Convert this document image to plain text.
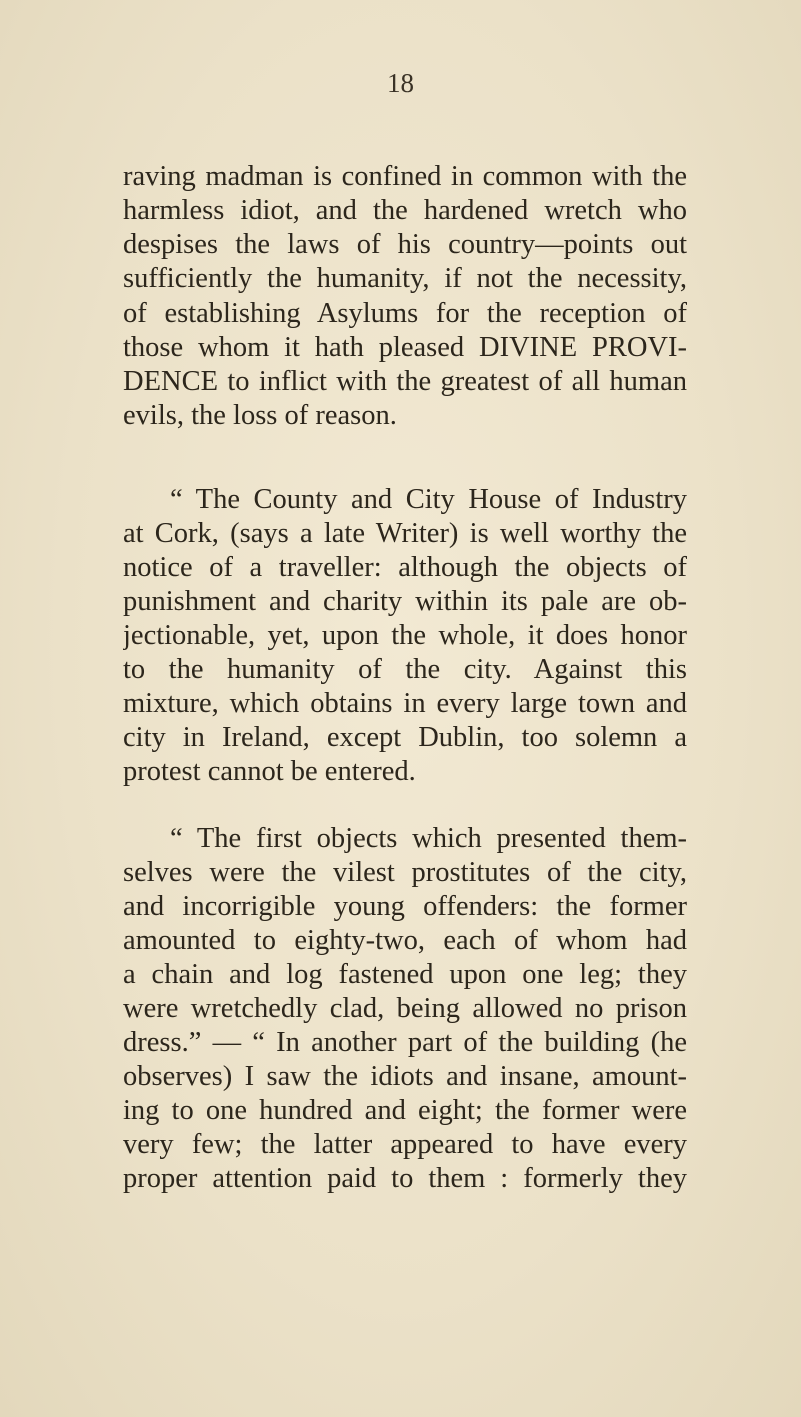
18
raving madman is confined in common with the
harmless idiot, and the hardened wretch who
despises the laws of his country—points out
sufficiently the humanity, if not the necessity,
of establishing Asylums for the reception of
those whom it hath pleased DIVINE PROVI-
DENCE to inflict with the greatest of all human
evils, the loss of reason.
“ The County and City House of Industry
at Cork, (says a late Writer) is well worthy the
notice of a traveller: although the objects of
punishment and charity within its pale are ob-
jectionable, yet, upon the whole, it does honor
to the humanity of the city. Against this
mixture, which obtains in every large town and
city in Ireland, except Dublin, too solemn a
protest cannot be entered.
“ The first objects which presented them-
selves were the vilest prostitutes of the city,
and incorrigible young offenders: the former
amounted to eighty-two, each of whom had
a chain and log fastened upon one leg; they
were wretchedly clad, being allowed no prison
dress.” — “ In another part of the building (he
observes) I saw the idiots and insane, amount-
ing to one hundred and eight; the former were
very few; the latter appeared to have every
proper attention paid to them : formerly they
